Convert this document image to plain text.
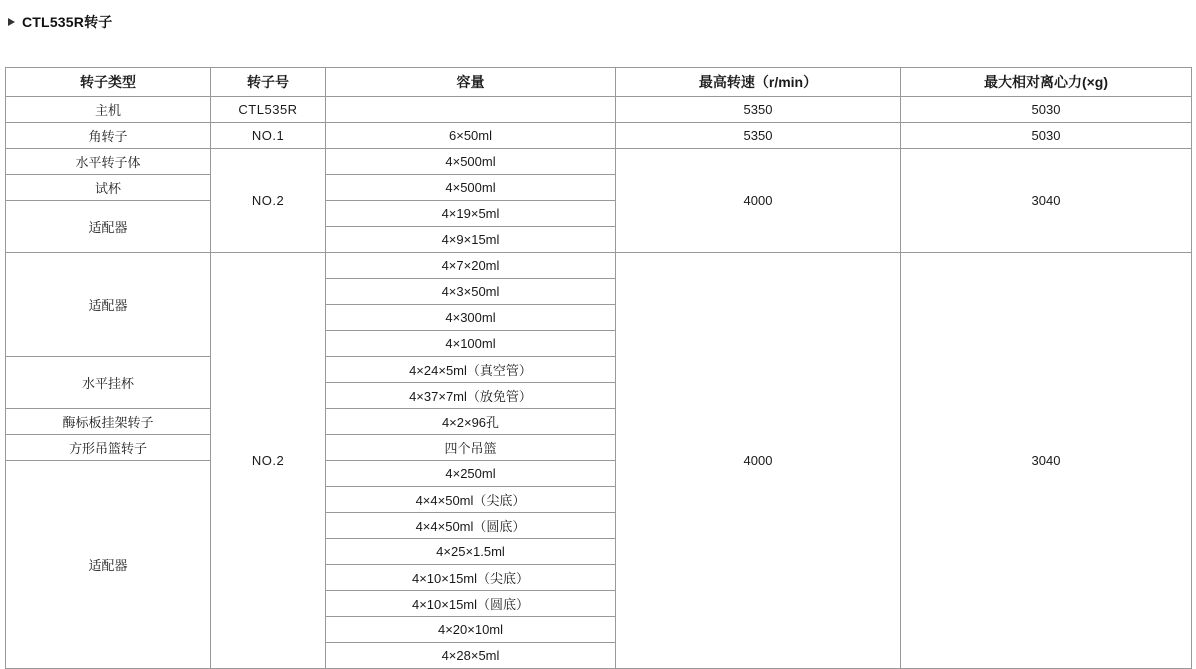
CTL535R转子
转子类型	转子号	容量	最高转速（r/min）	最大相对离心力(×g)
主机	CTL535R		5350	5030
角转子	NO.1	6×50ml	5350	5030
水平转子体	NO.2	4×500ml	4000	3040
试杯		4×500ml		
适配器		4×19×5ml		
		4×9×15ml		
适配器	NO.2	4×7×20ml	4000	3040
		4×3×50ml		
		4×300ml		
		4×100ml		
水平挂杯		4×24×5ml（真空管）		
		4×37×7ml（放免管）		
酶标板挂架转子		4×2×96孔		
方形吊篮转子		四个吊篮		
适配器		4×250ml		
		4×4×50ml（尖底）		
		4×4×50ml（圆底）		
		4×25×1.5ml		
		4×10×15ml（尖底）		
		4×10×15ml（圆底）		
		4×20×10ml		
		4×28×5ml		
